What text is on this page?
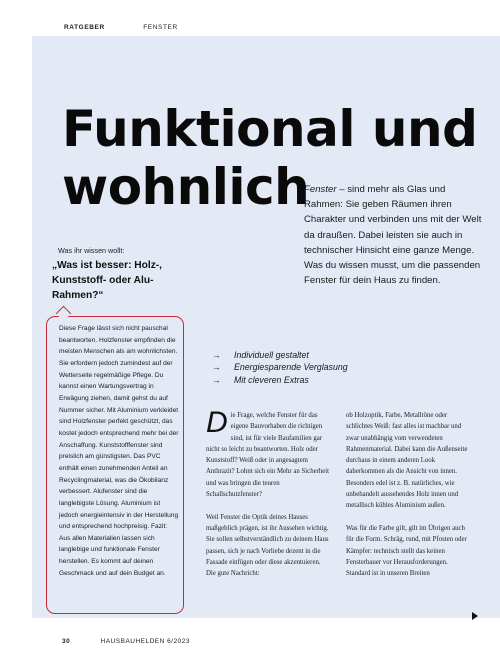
RATGEBER	FENSTER
Funktional und
wohnlich
Fenster – sind mehr als Glas und Rahmen: Sie geben Räumen ihren Charakter und verbinden uns mit der Welt da draußen. Dabei leisten sie auch in technischer Hinsicht eine ganze Menge. Was du wissen musst, um die passenden Fenster für dein Haus zu finden.
Was ihr wissen wollt:
„Was ist besser: Holz-, Kunststoff- oder Alu-Rahmen?“
Diese Frage lässt sich nicht pauschal beantworten. Holzfenster empfinden die meisten Menschen als am wohnlichsten. Sie erfordern jedoch zumindest auf der Wetterseite regelmäßige Pflege. Du kannst einen Wartungsvertrag in Erwägung ziehen, damit gehst du auf Nummer sicher. Mit Aluminium verkleidet sind Holzfenster perfekt geschützt, das kostet jedoch entsprechend mehr bei der Anschaffung. Kunststofffenster sind preislich am günstigsten. Das PVC enthält einen zunehmenden Anteil an Recyclingmaterial, was die Ökobilanz verbessert. Alufenster sind die langlebigste Lösung. Aluminium ist jedoch energieintensiv in der Herstellung und entsprechend hochpreisig. Fazit: Aus allen Materialien lassen sich langlebige und funktionale Fenster herstellen. Es kommt auf deinen Geschmack und auf dein Budget an.
→ Individuell gestaltet
→ Energiesparende Verglasung
→ Mit cleveren Extras
Die Frage, welche Fenster für das eigene Bauvorhaben die richtigen sind, ist für viele Baufamilien gar nicht so leicht zu beantworten. Holz oder Kunststoff? Weiß oder in angesagtem Anthrazit? Lohnt sich ein Mehr an Sicherheit und was bringen die teuren Schallschutzfenster?
Weil Fenster die Optik deines Hauses maßgeblich prägen, ist ihr Aussehen wichtig. Sie sollen selbstverständlich zu deinem Haus passen, sich je nach Vorliebe dezent in die Fassade einfügen oder diese akzentuieren. Die gute Nachricht:
ob Holzoptik, Farbe, Metalltöne oder schlichtes Weiß: fast alles ist machbar und zwar unabhängig vom verwendeten Rahmenmaterial. Dabei kann die Außenseite durchaus in einem anderen Look daherkommen als die Ansicht von innen. Besonders edel ist z. B. natürliches, wie unbehandelt aussehendes Holz innen und metallisch kühles Aluminium außen.
Was für die Farbe gilt, gilt im Übrigen auch für die Form. Schräg, rund, mit Pfosten oder Kämpfer: technisch stellt das keinen Fensterbauer vor Herausforderungen. Standard ist in unseren Breiten
30	HAUSBAUHELDEN 6/2023
